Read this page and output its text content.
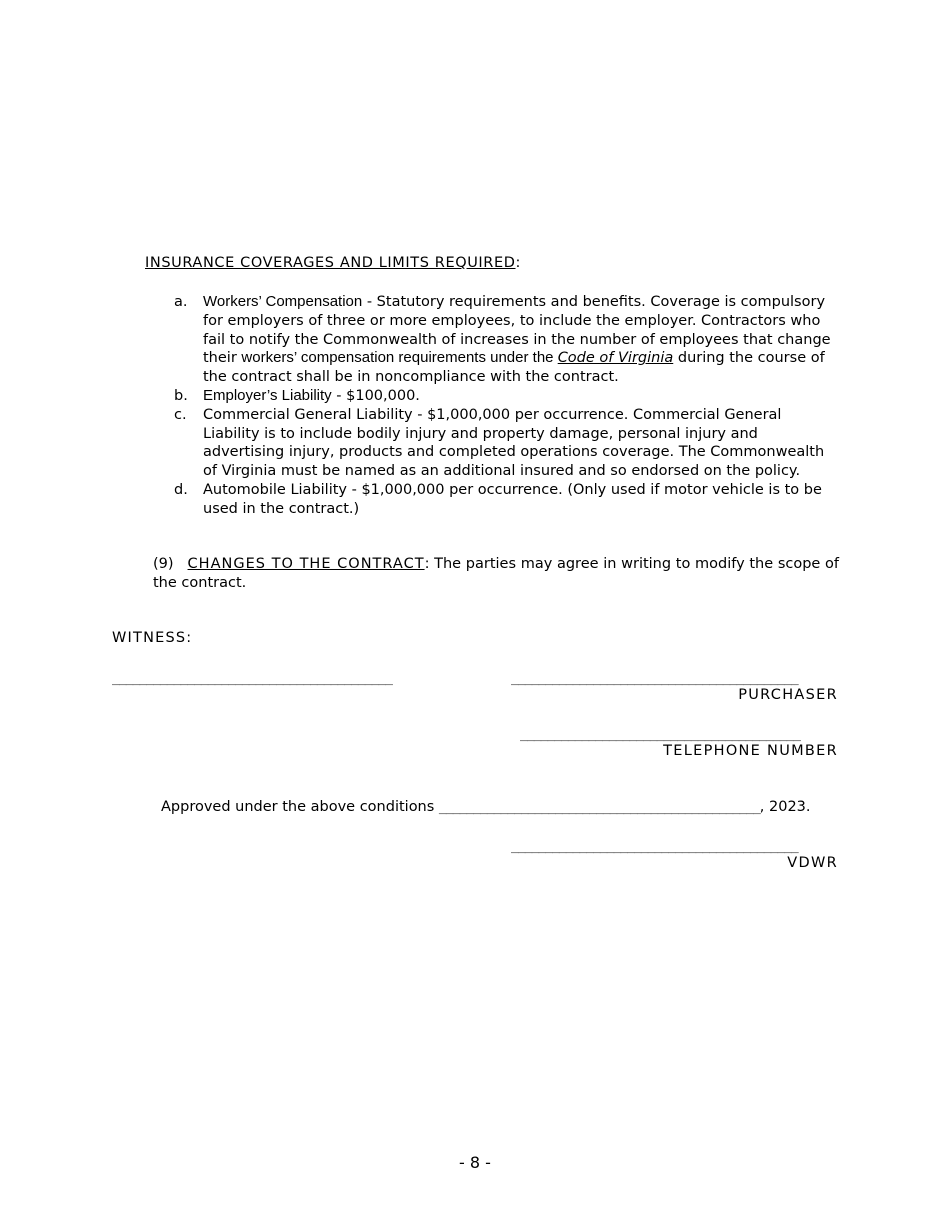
INSURANCE COVERAGES AND LIMITS REQUIRED:
a. Workers’ Compensation - Statutory requirements and benefits. Coverage is compulsory for employers of three or more employees, to include the employer. Contractors who fail to notify the Commonwealth of increases in the number of employees that change their workers’ compensation requirements under the Code of Virginia during the course of the contract shall be in noncompliance with the contract.
b. Employer’s Liability - $100,000.
c. Commercial General Liability - $1,000,000 per occurrence. Commercial General Liability is to include bodily injury and property damage, personal injury and advertising injury, products and completed operations coverage. The Commonwealth of Virginia must be named as an additional insured and so endorsed on the policy.
d. Automobile Liability - $1,000,000 per occurrence. (Only used if motor vehicle is to be used in the contract.)
(9) CHANGES TO THE CONTRACT: The parties may agree in writing to modify the scope of the contract.
WITNESS:
_________________________________________	__________________________________________
PURCHASER
_________________________________________
TELEPHONE NUMBER
Approved under the above conditions _______________________________________________, 2023.
__________________________________________
VDWR
- 8 -
